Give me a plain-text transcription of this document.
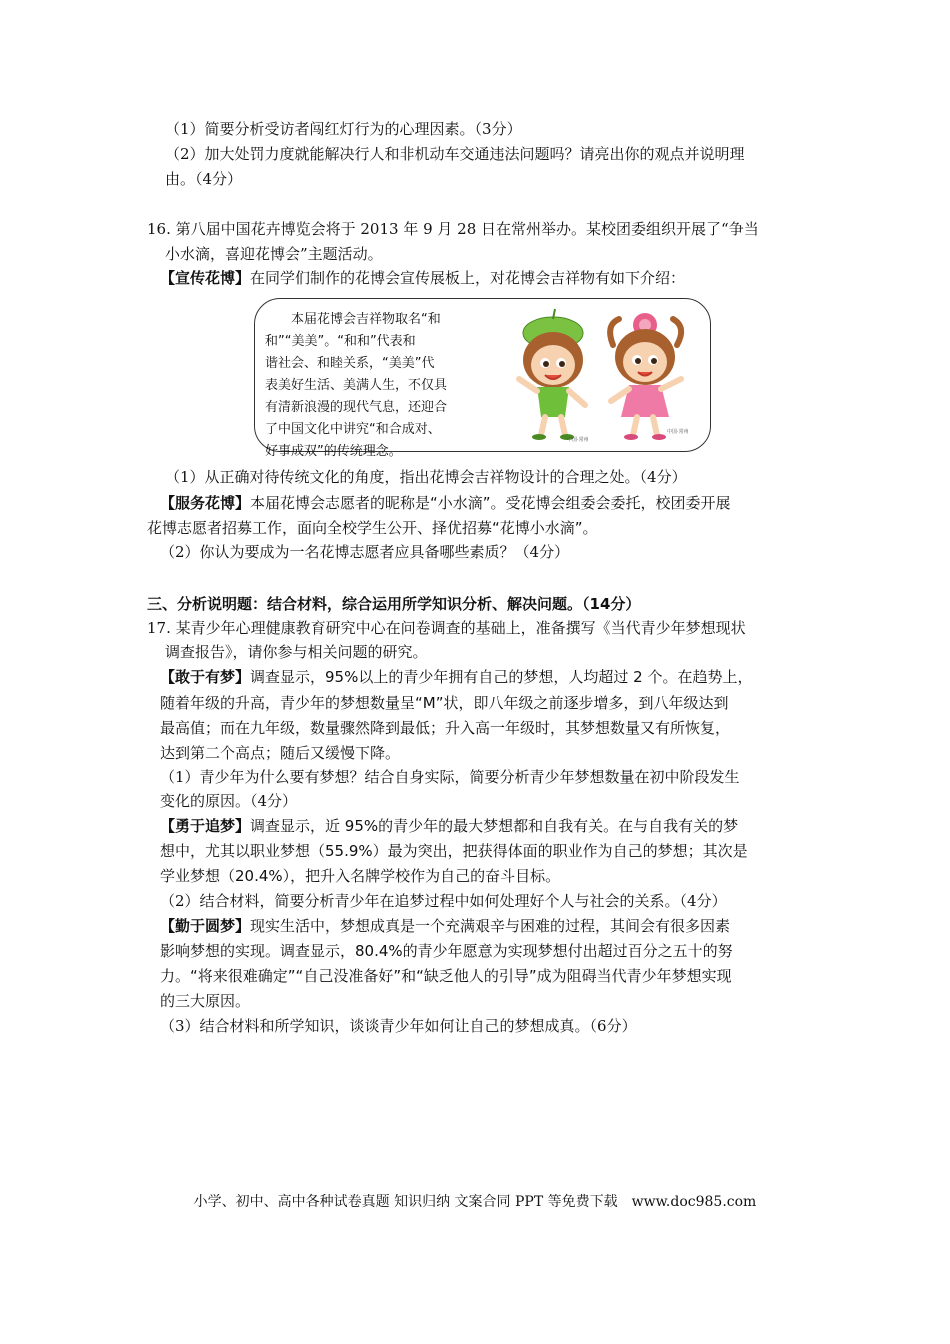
（1）简要分析受访者闯红灯行为的心理因素。（3分）
（2）加大处罚力度就能解决行人和非机动车交通违法问题吗？请亮出你的观点并说明理
由。（4分）
16. 第八届中国花卉博览会将于 2013 年 9 月 28 日在常州举办。某校团委组织开展了“争当
小水滴，喜迎花博会”主题活动。
【宣传花博】在同学们制作的花博会宣传展板上，对花博会吉祥物有如下介绍：
　　本届花博会吉祥物取名“和
和”“美美”。“和和”代表和
谐社会、和睦关系，“美美”代
表美好生活、美满人生，不仅具
有清新浪漫的现代气息，还迎合
了中国文化中讲究“和合成对、
好事成双”的传统理念。
中国·常州
中国·常州
（1）从正确对待传统文化的角度，指出花博会吉祥物设计的合理之处。（4分）
【服务花博】本届花博会志愿者的昵称是“小水滴”。受花博会组委会委托，校团委开展
花博志愿者招募工作，面向全校学生公开、择优招募“花博小水滴”。
（2）你认为要成为一名花博志愿者应具备哪些素质？（4分）
三、分析说明题：结合材料，综合运用所学知识分析、解决问题。（14分）
17. 某青少年心理健康教育研究中心在问卷调查的基础上，准备撰写《当代青少年梦想现状
调查报告》，请你参与相关问题的研究。
【敢于有梦】调查显示，95%以上的青少年拥有自己的梦想，人均超过 2 个。在趋势上，
随着年级的升高，青少年的梦想数量呈“M”状，即八年级之前逐步增多，到八年级达到
最高值；而在九年级，数量骤然降到最低；升入高一年级时，其梦想数量又有所恢复，
达到第二个高点；随后又缓慢下降。
（1）青少年为什么要有梦想？结合自身实际，简要分析青少年梦想数量在初中阶段发生
变化的原因。（4分）
【勇于追梦】调查显示，近 95%的青少年的最大梦想都和自我有关。在与自我有关的梦
想中，尤其以职业梦想（55.9%）最为突出，把获得体面的职业作为自己的梦想；其次是
学业梦想（20.4%），把升入名牌学校作为自己的奋斗目标。
（2）结合材料，简要分析青少年在追梦过程中如何处理好个人与社会的关系。（4分）
【勤于圆梦】现实生活中，梦想成真是一个充满艰辛与困难的过程，其间会有很多因素
影响梦想的实现。调查显示，80.4%的青少年愿意为实现梦想付出超过百分之五十的努
力。“将来很难确定”“自己没准备好”和“缺乏他人的引导”成为阻碍当代青少年梦想实现
的三大原因。
（3）结合材料和所学知识，谈谈青少年如何让自己的梦想成真。（6分）
小学、初中、高中各种试卷真题 知识归纳 文案合同 PPT 等免费下载　www.doc985.com
